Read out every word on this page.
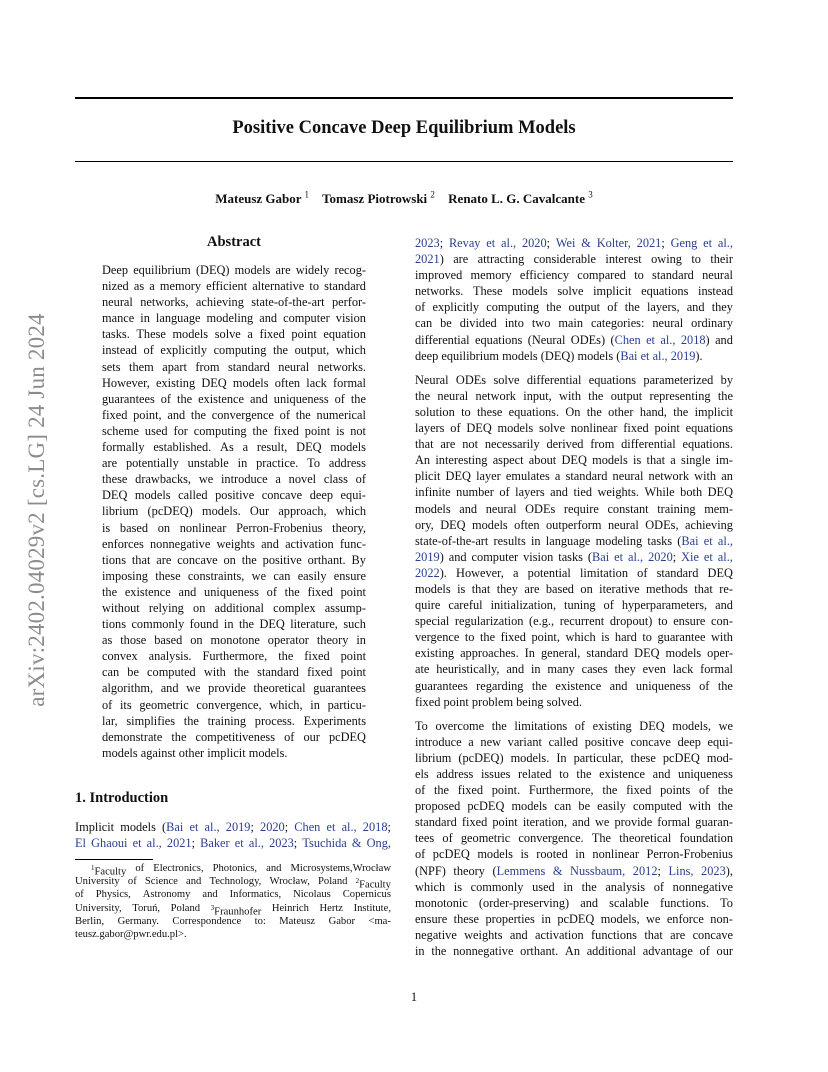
Positive Concave Deep Equilibrium Models
Mateusz Gabor $^1$ Tomasz Piotrowski $^2$ Renato L. G. Cavalcante $^3$
arXiv:2402.04029v2 [cs.LG] 24 Jun 2024
Abstract
Deep equilibrium (DEQ) models are widely recog-
nized as a memory efficient alternative to standard
neural networks, achieving state-of-the-art perfor-
mance in language modeling and computer vision
tasks. These models solve a fixed point equation
instead of explicitly computing the output, which
sets them apart from standard neural networks.
However, existing DEQ models often lack formal
guarantees of the existence and uniqueness of the
fixed point, and the convergence of the numerical
scheme used for computing the fixed point is not
formally established. As a result, DEQ models
are potentially unstable in practice. To address
these drawbacks, we introduce a novel class of
DEQ models called positive concave deep equi-
librium (pcDEQ) models. Our approach, which
is based on nonlinear Perron-Frobenius theory,
enforces nonnegative weights and activation func-
tions that are concave on the positive orthant. By
imposing these constraints, we can easily ensure
the existence and uniqueness of the fixed point
without relying on additional complex assump-
tions commonly found in the DEQ literature, such
as those based on monotone operator theory in
convex analysis. Furthermore, the fixed point
can be computed with the standard fixed point
algorithm, and we provide theoretical guarantees
of its geometric convergence, which, in particu-
lar, simplifies the training process. Experiments
demonstrate the competitiveness of our pcDEQ
models against other implicit models.
1. Introduction
Implicit models (Bai et al., 2019; 2020; Chen et al., 2018;
El Ghaoui et al., 2021; Baker et al., 2023; Tsuchida & Ong,
$^1$Faculty of Electronics, Photonics, and Microsystems,Wrocław
University of Science and Technology, Wrocław, Poland $^2$Faculty
of Physics, Astronomy and Informatics, Nicolaus Copernicus
University, Toruń, Poland $^3$Fraunhofer Heinrich Hertz Institute,
Berlin, Germany. Correspondence to: Mateusz Gabor <ma-
teusz.gabor@pwr.edu.pl>.
2023; Revay et al., 2020; Wei & Kolter, 2021; Geng et al.,
2021) are attracting considerable interest owing to their
improved memory efficiency compared to standard neural
networks. These models solve implicit equations instead
of explicitly computing the output of the layers, and they
can be divided into two main categories: neural ordinary
differential equations (Neural ODEs) (Chen et al., 2018) and
deep equilibrium models (DEQ) models (Bai et al., 2019).
Neural ODEs solve differential equations parameterized by
the neural network input, with the output representing the
solution to these equations. On the other hand, the implicit
layers of DEQ models solve nonlinear fixed point equations
that are not necessarily derived from differential equations.
An interesting aspect about DEQ models is that a single im-
plicit DEQ layer emulates a standard neural network with an
infinite number of layers and tied weights. While both DEQ
models and neural ODEs require constant training mem-
ory, DEQ models often outperform neural ODEs, achieving
state-of-the-art results in language modeling tasks (Bai et al.,
2019) and computer vision tasks (Bai et al., 2020; Xie et al.,
2022). However, a potential limitation of standard DEQ
models is that they are based on iterative methods that re-
quire careful initialization, tuning of hyperparameters, and
special regularization (e.g., recurrent dropout) to ensure con-
vergence to the fixed point, which is hard to guarantee with
existing approaches. In general, standard DEQ models oper-
ate heuristically, and in many cases they even lack formal
guarantees regarding the existence and uniqueness of the
fixed point problem being solved.
To overcome the limitations of existing DEQ models, we
introduce a new variant called positive concave deep equi-
librium (pcDEQ) models. In particular, these pcDEQ mod-
els address issues related to the existence and uniqueness
of the fixed point. Furthermore, the fixed points of the
proposed pcDEQ models can be easily computed with the
standard fixed point iteration, and we provide formal guaran-
tees of geometric convergence. The theoretical foundation
of pcDEQ models is rooted in nonlinear Perron-Frobenius
(NPF) theory (Lemmens & Nussbaum, 2012; Lins, 2023),
which is commonly used in the analysis of nonnegative
monotonic (order-preserving) and scalable functions. To
ensure these properties in pcDEQ models, we enforce non-
negative weights and activation functions that are concave
in the nonnegative orthant. An additional advantage of our
1
